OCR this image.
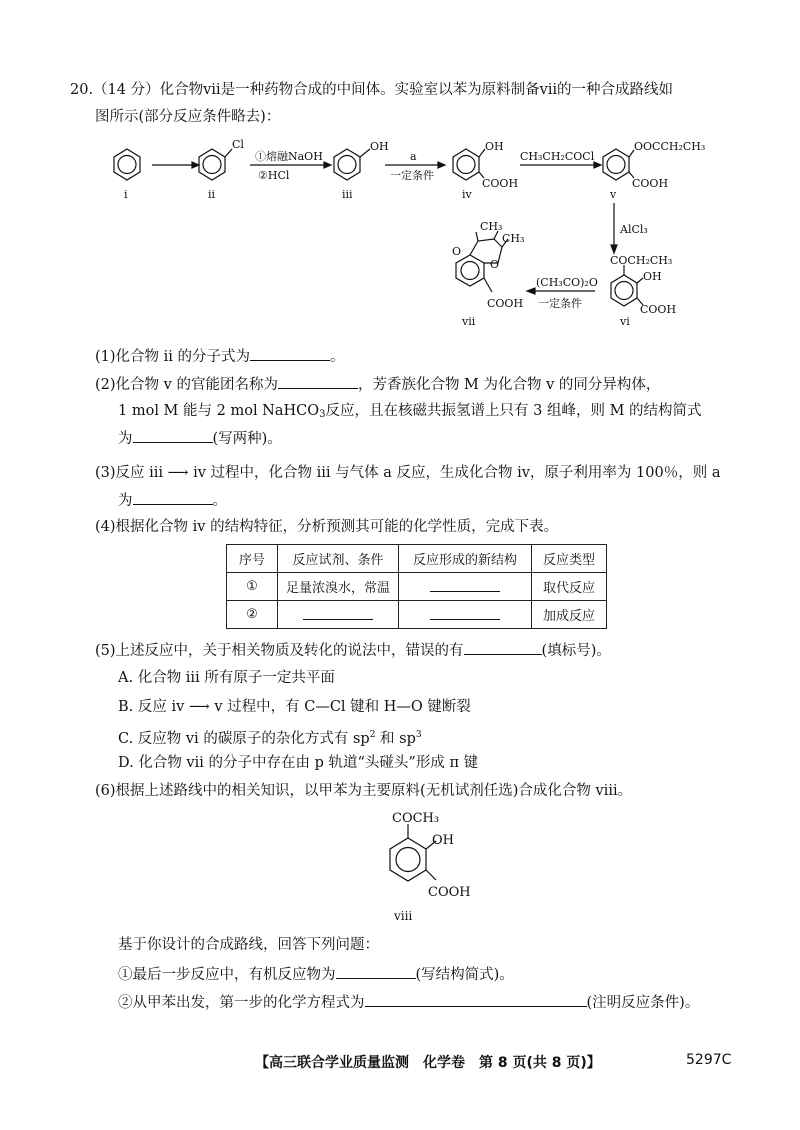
20.（14 分）化合物ⅶ是一种药物合成的中间体。实验室以苯为原料制备ⅶ的一种合成路线如
图所示(部分反应条件略去)：
i	ii	iii	iv	v
vi
vii
Cl	OH	OH
COOH
OOCCH₂CH₃
COOH
COCH₂CH₃
OH
COOH
O
CH₃
CH₃
O
COOH
①熔融NaOH
②HCl
a
一定条件
CH₃CH₂COCl
AlCl₃
(CH₃CO)₂O
一定条件
(1)化合物 ⅱ 的分子式为	。
(2)化合物 ⅴ 的官能团名称为	，芳香族化合物 M 为化合物 ⅴ 的同分异构体，
1 mol M 能与 2 mol NaHCO$_3$反应，且在核磁共振氢谱上只有 3 组峰，则 M 的结构简式
为	(写两种)。
(3)反应 ⅲ ⟶ ⅳ 过程中，化合物 ⅲ 与气体 a 反应，生成化合物 ⅳ，原子利用率为 100％，则 a
为	。
(4)根据化合物 ⅳ 的结构特征，分析预测其可能的化学性质，完成下表。
序号	反应试剂、条件	反应形成的新结构	反应类型
①	足量浓溴水，常温		取代反应
②			加成反应
(5)上述反应中，关于相关物质及转化的说法中，错误的有	(填标号)。
A. 化合物 ⅲ 所有原子一定共平面
B. 反应 ⅳ ⟶ ⅴ 过程中，有 C—Cl 键和 H—O 键断裂
C. 反应物 ⅵ 的碳原子的杂化方式有 $sp^2$ 和 $sp^3$
D. 化合物 ⅶ 的分子中存在由 p 轨道“头碰头”形成 π 键
(6)根据上述路线中的相关知识，以甲苯为主要原料(无机试剂任选)合成化合物 ⅷ。
COCH₃
OH
COOH
ⅷ
基于你设计的合成路线，回答下列问题：
①最后一步反应中，有机反应物为	(写结构简式)。
②从甲苯出发，第一步的化学方程式为	(注明反应条件)。
【高三联合学业质量监测　化学卷　第 8 页(共 8 页)】	5297C
